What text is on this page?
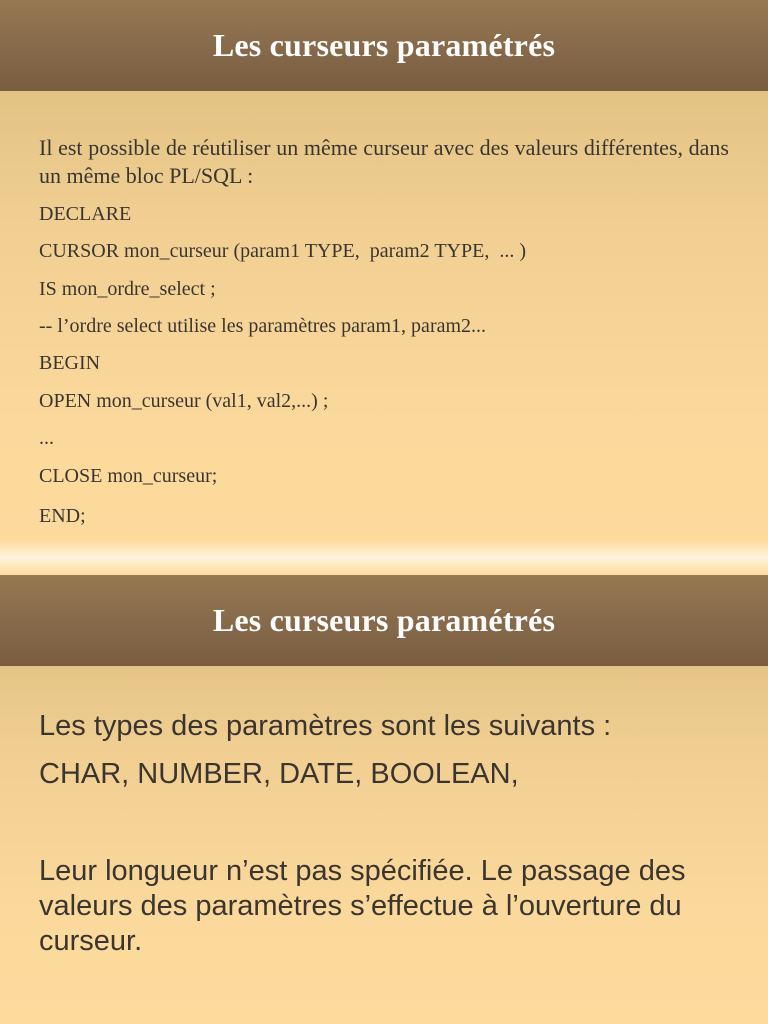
Les curseurs paramétrés
Il est possible de réutiliser un même curseur avec des valeurs différentes, dans un même bloc PL/SQL :
DECLARE
CURSOR mon_curseur (param1 TYPE,  param2 TYPE,  ... )
IS mon_ordre_select ;
-- l’ordre select utilise les paramètres param1, param2...
BEGIN
OPEN mon_curseur (val1, val2,...) ;
...
CLOSE mon_curseur;
END;
Les curseurs paramétrés
Les types des paramètres sont les suivants :
CHAR, NUMBER, DATE, BOOLEAN,
Leur longueur n’est pas spécifiée. Le passage des valeurs des paramètres s’effectue à l’ouverture du curseur.
